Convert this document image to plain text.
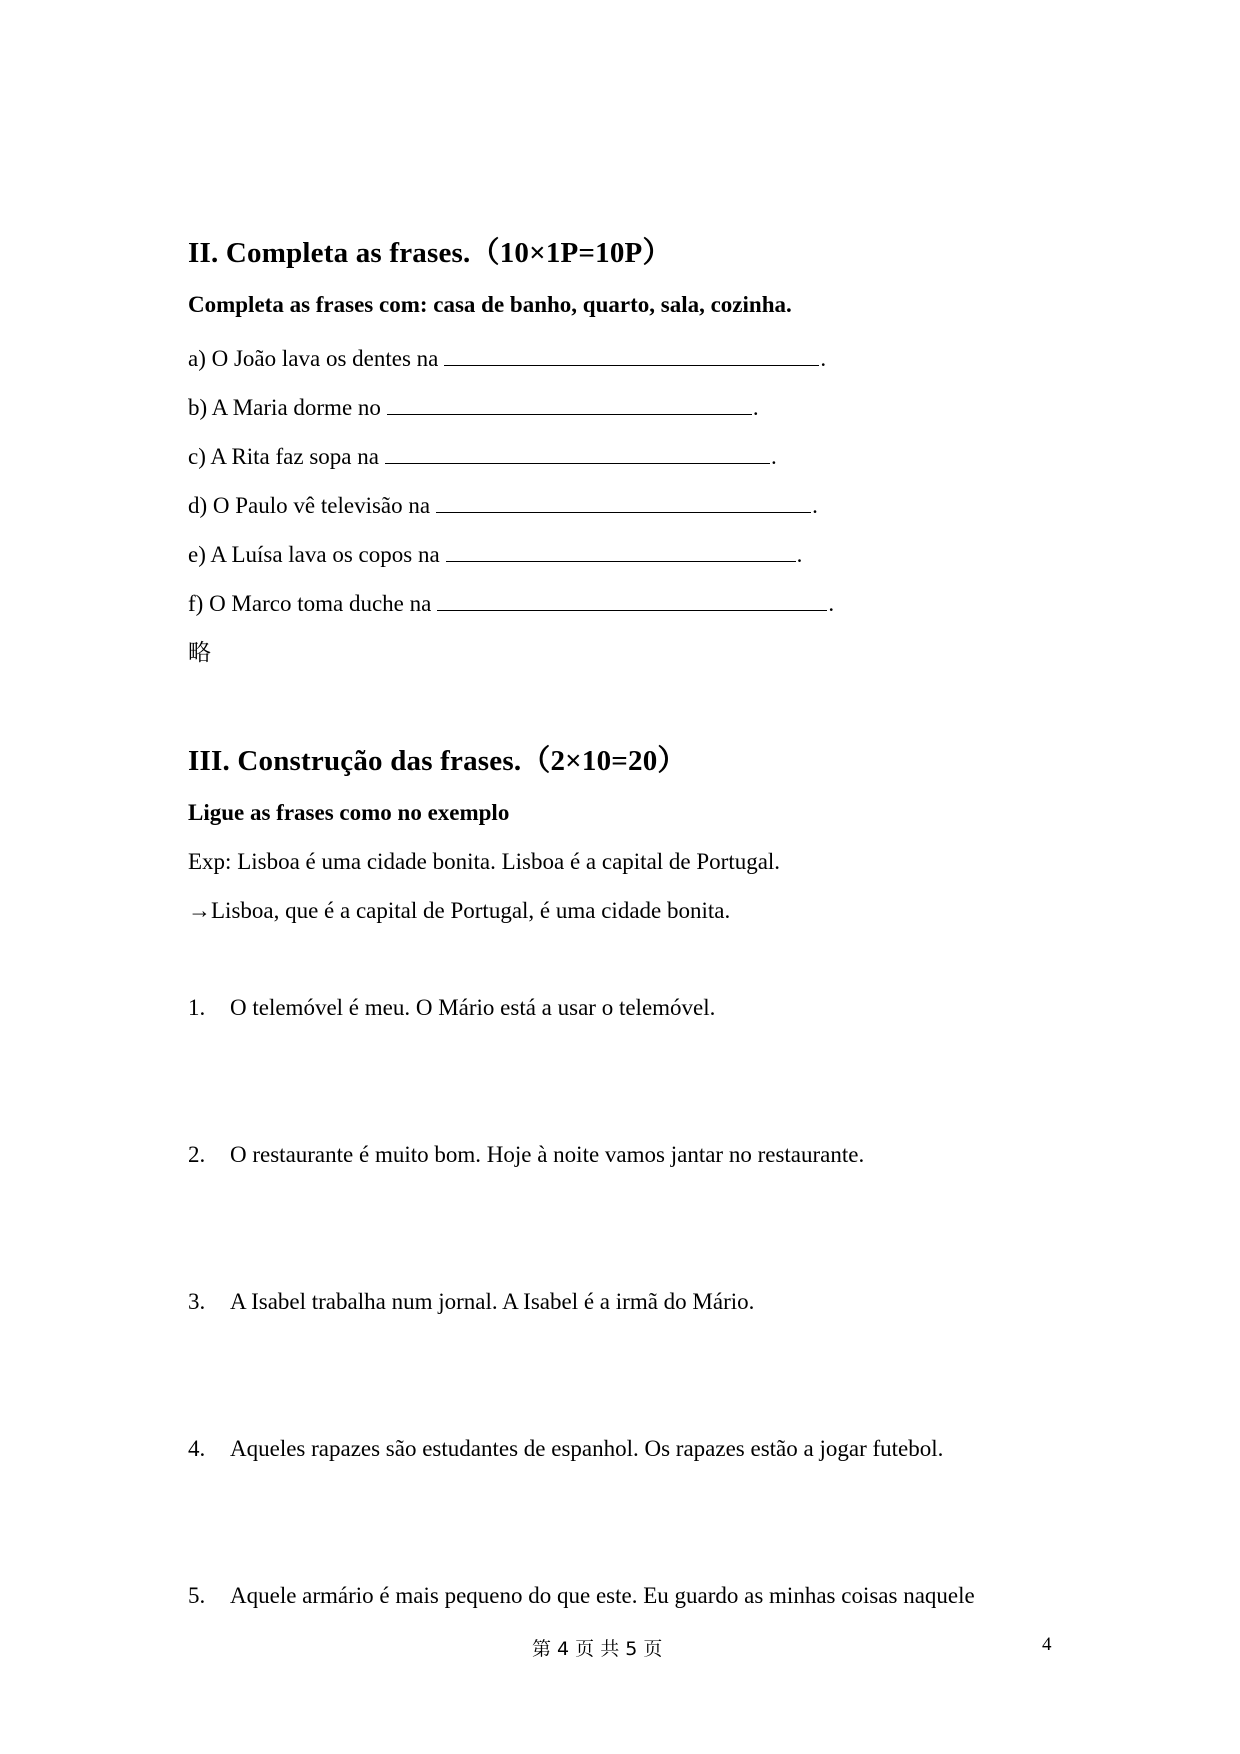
II. Completa as frases.（10×1P=10P）
Completa as frases com: casa de banho, quarto, sala, cozinha.
a) O João lava os dentes na	.
b) A Maria dorme no	.
c) A Rita faz sopa na	.
d) O Paulo vê televisão na	.
e) A Luísa lava os copos na	.
f) O Marco toma duche na	.
略
III. Construção das frases.（2×10=20）
Ligue as frases como no exemplo
Exp: Lisboa é uma cidade bonita. Lisboa é a capital de Portugal.
→Lisboa, que é a capital de Portugal, é uma cidade bonita.
1. O telemóvel é meu. O Mário está a usar o telemóvel.
2. O restaurante é muito bom. Hoje à noite vamos jantar no restaurante.
3. A Isabel trabalha num jornal. A Isabel é a irmã do Mário.
4. Aqueles rapazes são estudantes de espanhol. Os rapazes estão a jogar futebol.
5. Aquele armário é mais pequeno do que este. Eu guardo as minhas coisas naquele
第 4 页 共 5 页	4
